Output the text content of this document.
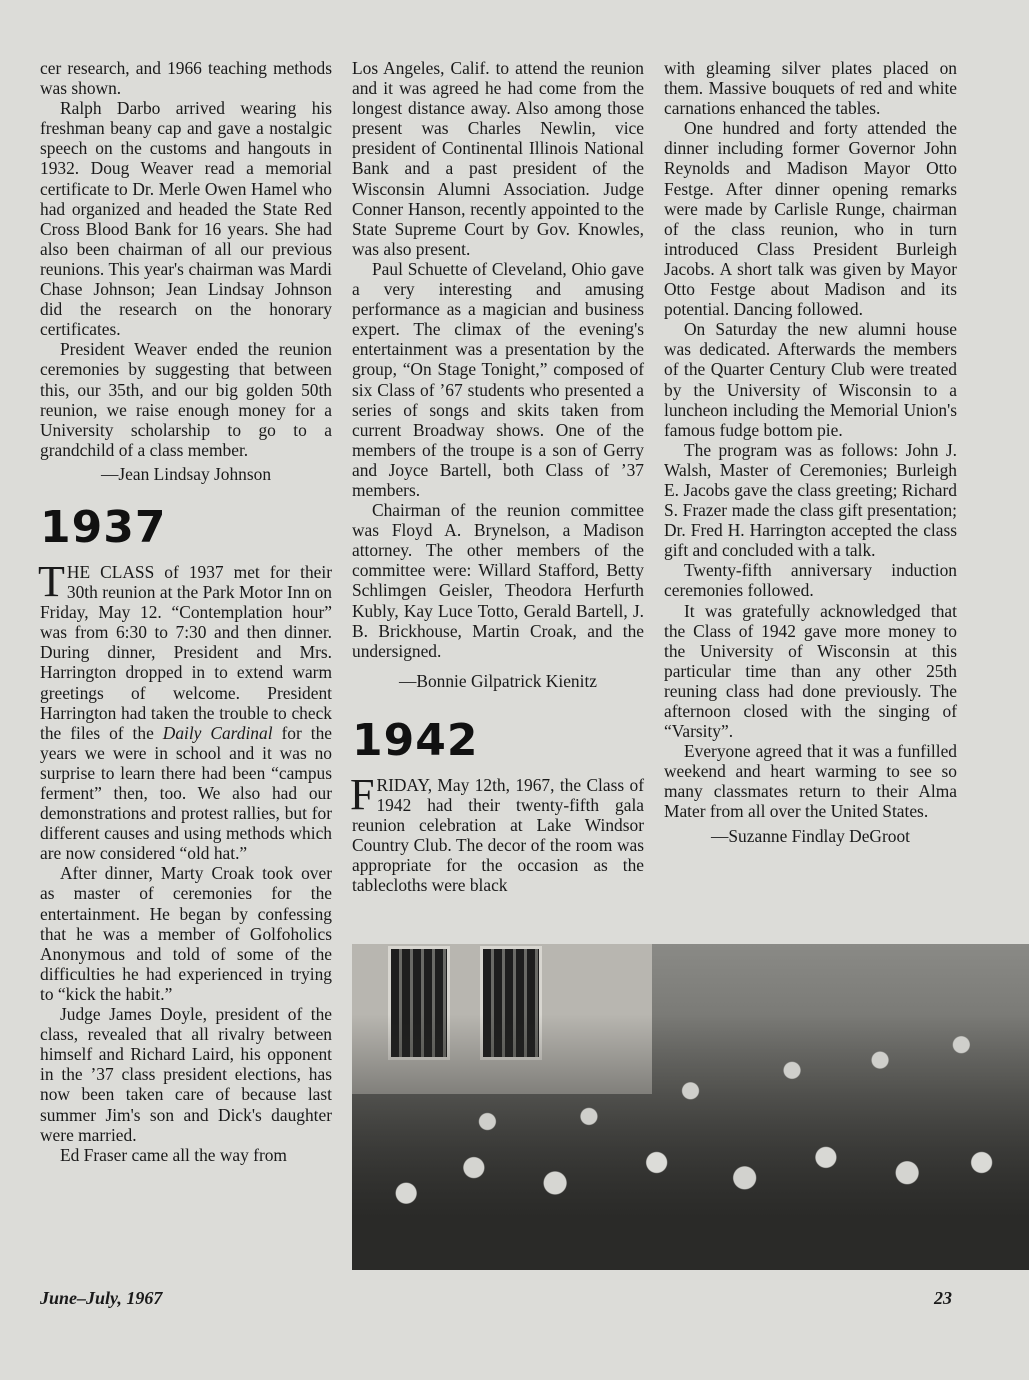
cer research, and 1966 teaching methods was shown.

Ralph Darbo arrived wearing his freshman beany cap and gave a nostalgic speech on the customs and hangouts in 1932. Doug Weaver read a memorial certificate to Dr. Merle Owen Hamel who had organized and headed the State Red Cross Blood Bank for 16 years. She had also been chairman of all our previous reunions. This year's chairman was Mardi Chase Johnson; Jean Lindsay Johnson did the research on the honorary certificates.

President Weaver ended the reunion ceremonies by suggesting that between this, our 35th, and our big golden 50th reunion, we raise enough money for a University scholarship to go to a grandchild of a class member.

—Jean Lindsay Johnson

1937

THE CLASS of 1937 met for their 30th reunion at the Park Motor Inn on Friday, May 12. “Contemplation hour” was from 6:30 to 7:30 and then dinner. During dinner, President and Mrs. Harrington dropped in to extend warm greetings of welcome. President Harrington had taken the trouble to check the files of the Daily Cardinal for the years we were in school and it was no surprise to learn there had been “campus ferment” then, too. We also had our demonstrations and protest rallies, but for different causes and using methods which are now considered “old hat.”

After dinner, Marty Croak took over as master of ceremonies for the entertainment. He began by confessing that he was a member of Golfoholics Anonymous and told of some of the difficulties he had experienced in trying to “kick the habit.”

Judge James Doyle, president of the class, revealed that all rivalry between himself and Richard Laird, his opponent in the ’37 class president elections, has now been taken care of because last summer Jim's son and Dick's daughter were married.

Ed Fraser came all the way from

Los Angeles, Calif. to attend the reunion and it was agreed he had come from the longest distance away. Also among those present was Charles Newlin, vice president of Continental Illinois National Bank and a past president of the Wisconsin Alumni Association. Judge Conner Hanson, recently appointed to the State Supreme Court by Gov. Knowles, was also present.

Paul Schuette of Cleveland, Ohio gave a very interesting and amusing performance as a magician and business expert. The climax of the evening's entertainment was a presentation by the group, “On Stage Tonight,” composed of six Class of ’67 students who presented a series of songs and skits taken from current Broadway shows. One of the members of the troupe is a son of Gerry and Joyce Bartell, both Class of ’37 members.

Chairman of the reunion committee was Floyd A. Brynelson, a Madison attorney. The other members of the committee were: Willard Stafford, Betty Schlimgen Geisler, Theodora Herfurth Kubly, Kay Luce Totto, Gerald Bartell, J. B. Brickhouse, Martin Croak, and the undersigned.

—Bonnie Gilpatrick Kienitz

1942

FRIDAY, May 12th, 1967, the Class of 1942 had their twenty-fifth gala reunion celebration at Lake Windsor Country Club. The decor of the room was appropriate for the occasion as the tablecloths were black

with gleaming silver plates placed on them. Massive bouquets of red and white carnations enhanced the tables.

One hundred and forty attended the dinner including former Governor John Reynolds and Madison Mayor Otto Festge. After dinner opening remarks were made by Carlisle Runge, chairman of the class reunion, who in turn introduced Class President Burleigh Jacobs. A short talk was given by Mayor Otto Festge about Madison and its potential. Dancing followed.

On Saturday the new alumni house was dedicated. Afterwards the members of the Quarter Century Club were treated by the University of Wisconsin to a luncheon including the Memorial Union's famous fudge bottom pie.

The program was as follows: John J. Walsh, Master of Ceremonies; Burleigh E. Jacobs gave the class greeting; Richard S. Frazer made the class gift presentation; Dr. Fred H. Harrington accepted the class gift and concluded with a talk.

Twenty-fifth anniversary induction ceremonies followed.

It was gratefully acknowledged that the Class of 1942 gave more money to the University of Wisconsin at this particular time than any other 25th reuning class had done previously. The afternoon closed with the singing of “Varsity”.

Everyone agreed that it was a funfilled weekend and heart warming to see so many classmates return to their Alma Mater from all over the United States.

—Suzanne Findlay DeGroot

June–July, 1967	23
